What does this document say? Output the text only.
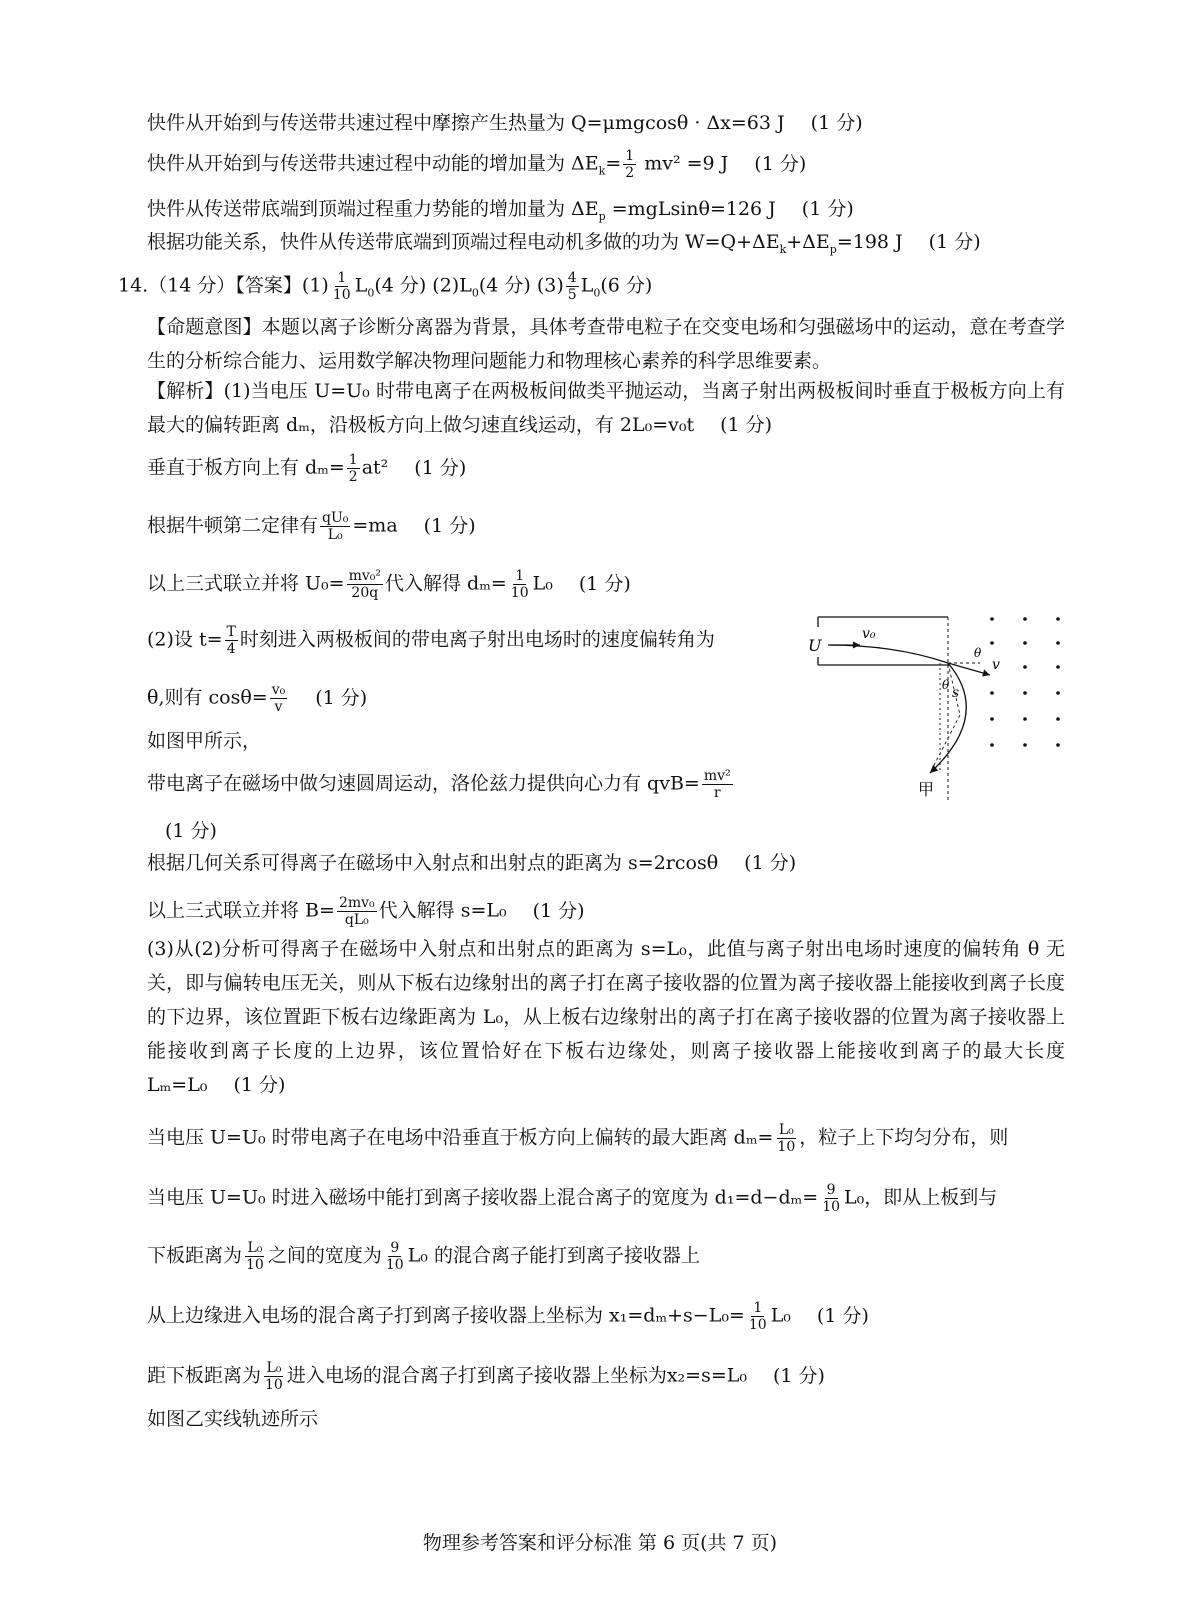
快件从开始到与传送带共速过程中摩擦产生热量为 Q=μmgcosθ · Δx=63 J (1 分)
快件从开始到与传送带共速过程中动能的增加量为 $\Delta E_k= \frac{1}{2} mv^2 =9$ J (1 分)
快件从传送带底端到顶端过程重力势能的增加量为 $\Delta E_p =mgLsin\theta=126$ J (1 分)
根据功能关系，快件从传送带底端到顶端过程电动机多做的功为 $W=Q+\Delta E_k+\Delta E_p=198$ J (1 分)
14.（14 分）【答案】$(1) \frac{1}{10} L_0(4$ 分) $(2)L_0(4$ 分) $(3) \frac{4}{5} L_0(6$ 分)
【命题意图】本题以离子诊断分离器为背景，具体考查带电粒子在交变电场和匀强磁场中的运动，意在考查学生的分析综合能力、运用数学解决物理问题能力和物理核心素养的科学思维要素。
【解析】(1)当电压 U=U₀ 时带电离子在两极板间做类平抛运动，当离子射出两极板间时垂直于极板方向上有最大的偏转距离 dₘ，沿极板方向上做匀速直线运动，有 2L₀=v₀t (1 分)
垂直于板方向上有 $d_m= \frac{1}{2} at^2$ (1 分)
根据牛顿第二定律有 $\frac{\text{qU₀}}{\text{L₀}} =ma$ (1 分)
以上三式联立并将 $U_0= \frac{\text{mv₀²}}{20q}$ 代入解得 $d_m= \frac{1}{10} L_0$ (1 分)
(2)设 $t= \frac{T}{4}$ 时刻进入两极板间的带电离子射出电场时的速度偏转角为
θ,则有 $\cos\theta= \frac{\text{v₀}}{v} (1$ 分)
如图甲所示，
带电离子在磁场中做匀速圆周运动，洛伦兹力提供向心力有 $qvB= \frac{\text{mv²}}{r}$
(1 分)
根据几何关系可得离子在磁场中入射点和出射点的距离为 s=2rcosθ (1 分)
以上三式联立并将 $B= \frac{\text{2mv₀}}{\text{qL₀}}$ 代入解得 s=L₀ (1 分)
(3)从(2)分析可得离子在磁场中入射点和出射点的距离为 s=L₀，此值与离子射出电场时速度的偏转角 θ 无关，即与偏转电压无关，则从下板右边缘射出的离子打在离子接收器的位置为离子接收器上能接收到离子长度的下边界，该位置距下板右边缘距离为 L₀，从上板右边缘射出的离子打在离子接收器的位置为离子接收器上能接收到离子长度的上边界，该位置恰好在下板右边缘处，则离子接收器上能接收到离子的最大长度 Lₘ=L₀ (1 分)
当电压 U=U₀ 时带电离子在电场中沿垂直于板方向上偏转的最大距离 $d_m= \frac{\text{L₀}}{10}$ ，粒子上下均匀分布，则
当电压 U=U₀ 时进入磁场中能打到离子接收器上混合离子的宽度为 $d_1=d-d_m= \frac{9}{10} L_0$，即从上板到与
下板距离为 $\frac{\text{L₀}}{10}$ 之间的宽度为 $\frac{9}{10} L_0$ 的混合离子能打到离子接收器上
从上边缘进入电场的混合离子打到离子接收器上坐标为 $x_1=d_m+s-L_0= \frac{1}{10} L_0$ (1 分)
距下板距离为 $\frac{\text{L₀}}{10}$ 进入电场的混合离子打到离子接收器上坐标为x₂=s=L₀ (1 分)
如图乙实线轨迹所示
U
v₀
v
θ
θ
s
甲
物理参考答案和评分标准 第 6 页(共 7 页)
